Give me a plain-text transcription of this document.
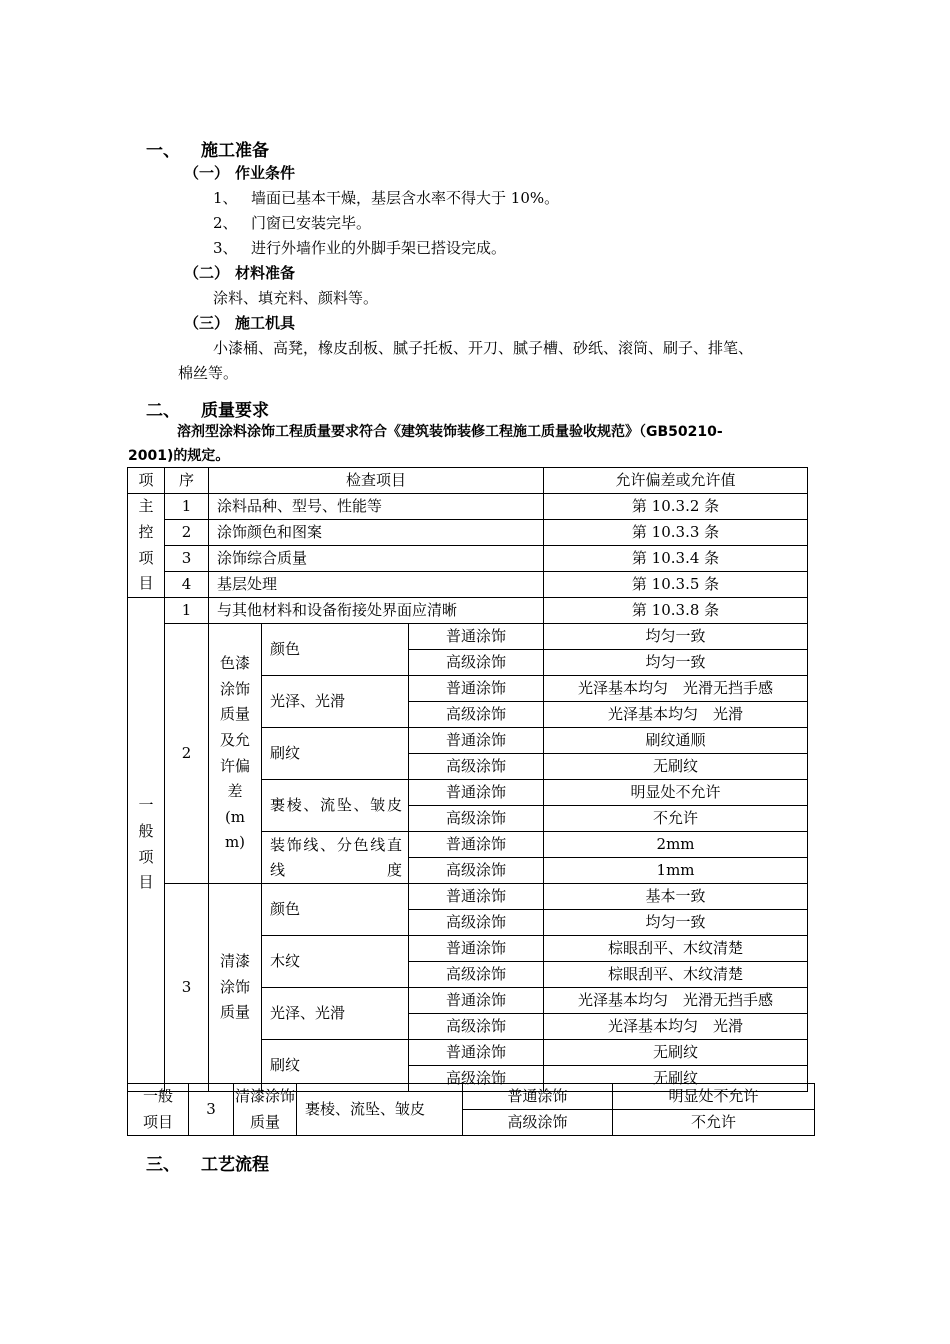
一、 施工准备
（一） 作业条件
1、 墙面已基本干燥，基层含水率不得大于 10%。
2、 门窗已安装完毕。
3、 进行外墙作业的外脚手架已搭设完成。
（二） 材料准备
涂料、填充料、颜料等。
（三） 施工机具
小漆桶、高凳，橡皮刮板、腻子托板、开刀、腻子槽、砂纸、滚筒、刷子、排笔、
棉丝等。
二、 质量要求
溶剂型涂料涂饰工程质量要求符合《建筑装饰装修工程施工质量验收规范》（GB50210-
2001)的规定。
项	序	检查项目			允许偏差或允许值

主控项目	1	涂料品种、型号、性能等			第 10.3.2 条
	2	涂饰颜色和图案			第 10.3.3 条
	3	涂饰综合质量			第 10.3.4 条
	4	基层处理			第 10.3.5 条

一般项目	1	与其他材料和设备衔接处界面应清晰			第 10.3.8 条
	2	色漆涂饰质量及允许偏差(mm)	颜色	普通涂饰	均匀一致
				高级涂饰	均匀一致
			光泽、光滑	普通涂饰	光泽基本均匀　光滑无挡手感
				高级涂饰	光泽基本均匀　光滑
			刷纹	普通涂饰	刷纹通顺
				高级涂饰	无刷纹
			裹棱、流坠、皱皮	普通涂饰	明显处不允许
				高级涂饰	不允许
			装饰线、分色线直线度	普通涂饰	2mm
				高级涂饰	1mm
	3	清漆涂饰质量	颜色	普通涂饰	基本一致
				高级涂饰	均匀一致
			木纹	普通涂饰	棕眼刮平、木纹清楚
				高级涂饰	棕眼刮平、木纹清楚
			光泽、光滑	普通涂饰	光泽基本均匀　光滑无挡手感
				高级涂饰	光泽基本均匀　光滑
			刷纹	普通涂饰	无刷纹
				高级涂饰	无刷纹
一般项目	3	清漆涂饰质量	裹棱、流坠、皱皮	普通涂饰	明显处不允许
				高级涂饰	不允许
三、 工艺流程
